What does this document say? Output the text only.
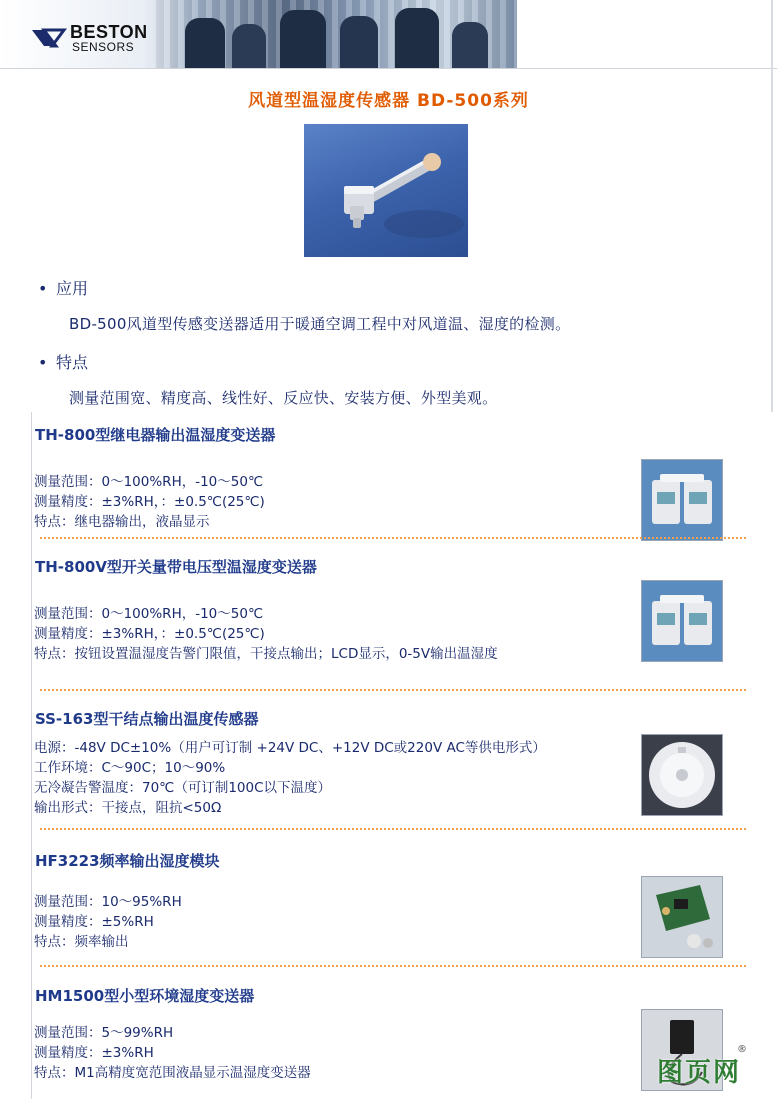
BESTON
SENSORS
风道型温湿度传感器 BD-500系列
• 应用
BD-500风道型传感变送器适用于暖通空调工程中对风道温、湿度的检测。
• 特点
测量范围宽、精度高、线性好、反应快、安装方便、外型美观。
TH-800型继电器输出温湿度变送器
测量范围：0～100%RH，-10～50℃
测量精度：±3%RH，：±0.5℃(25℃)
特点：继电器输出，液晶显示
TH-800V型开关量带电压型温湿度变送器
测量范围：0～100%RH，-10～50℃
测量精度：±3%RH，：±0.5℃(25℃)
特点：按钮设置温湿度告警门限值，干接点输出；LCD显示，0-5V输出温湿度
SS-163型干结点输出温度传感器
电源：-48V DC±10%（用户可订制 +24V DC、+12V DC或220V AC等供电形式）
工作环境：C～90C；10～90%
无冷凝告警温度：70℃（可订制100C以下温度）
输出形式：干接点，阻抗<50Ω
HF3223频率输出湿度模块
测量范围：10～95%RH
测量精度：±5%RH
特点：频率输出
HM1500型小型环境湿度变送器
测量范围：5～99%RH
测量精度：±3%RH
特点：M1高精度宽范围液晶显示温湿度变送器	图页网
®
